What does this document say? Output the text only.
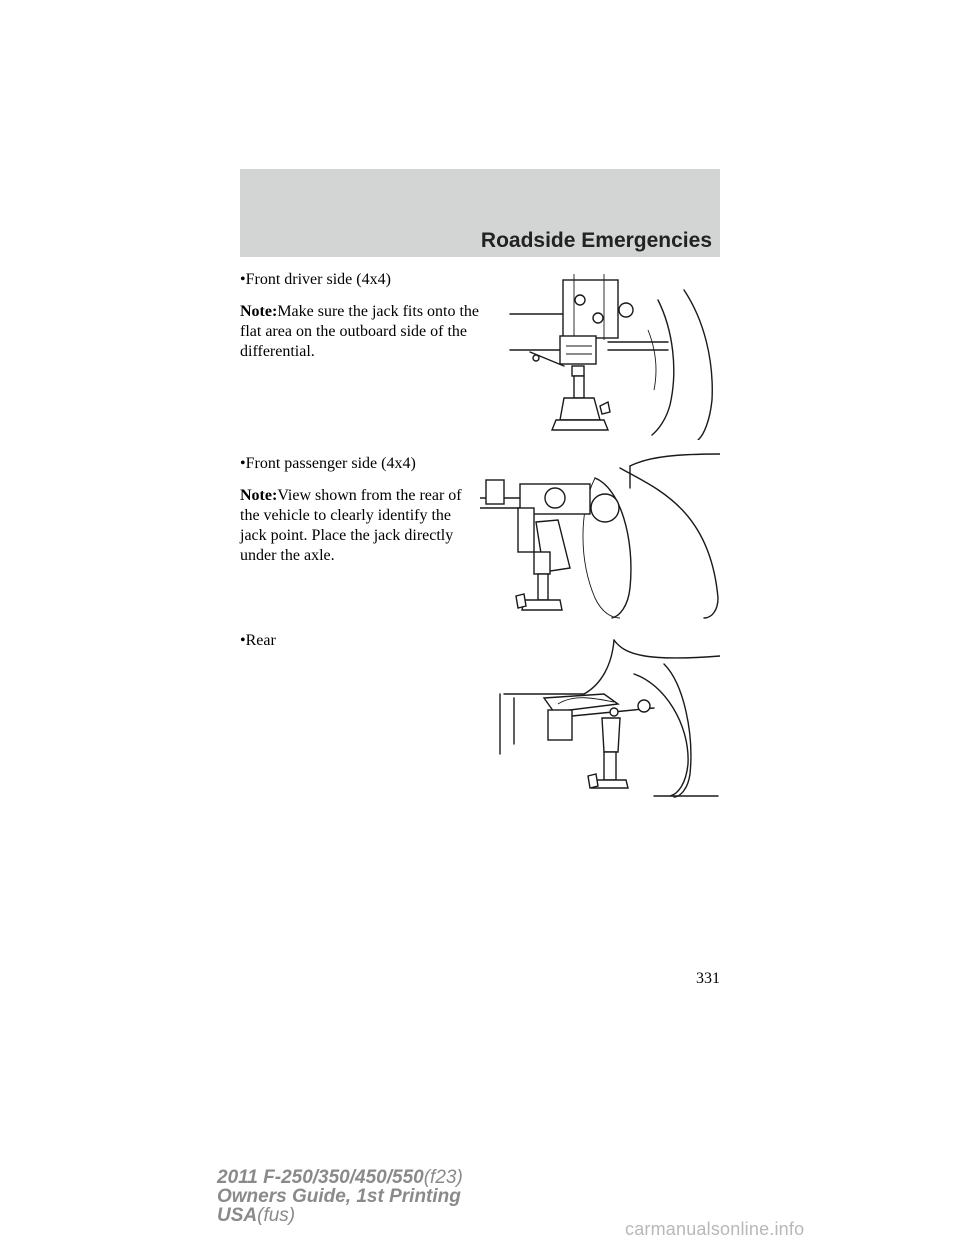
Roadside Emergencies
•Front driver side (4x4)
Note:Make sure the jack fits onto the flat area on the outboard side of the differential.
•Front passenger side (4x4)
Note:View shown from the rear of the vehicle to clearly identify the jack point. Place the jack directly under the axle.
•Rear
331
2011 F-250/350/450/550(f23)
Owners Guide, 1st Printing
USA(fus)
carmanualsonline.info
